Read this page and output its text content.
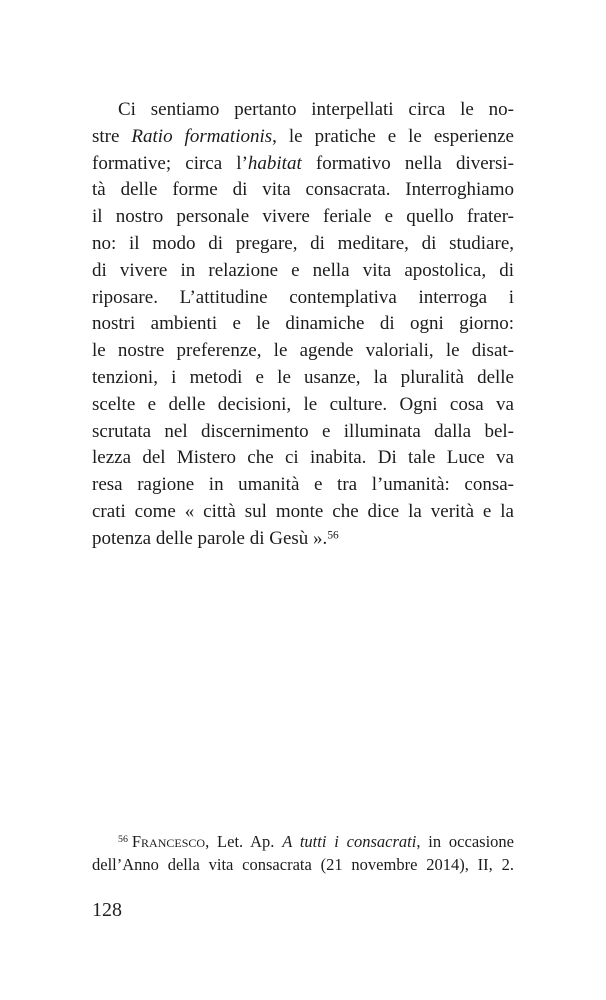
Ci sentiamo pertanto interpellati circa le no-
stre Ratio formationis, le pratiche e le esperienze
formative; circa l’habitat formativo nella diversi-
tà delle forme di vita consacrata. Interroghiamo
il nostro personale vivere feriale e quello frater-
no: il modo di pregare, di meditare, di studiare,
di vivere in relazione e nella vita apostolica, di
riposare. L’attitudine contemplativa interroga i
nostri ambienti e le dinamiche di ogni giorno:
le nostre preferenze, le agende valoriali, le disat-
tenzioni, i metodi e le usanze, la pluralità delle
scelte e delle decisioni, le culture. Ogni cosa va
scrutata nel discernimento e illuminata dalla bel-
lezza del Mistero che ci inabita. Di tale Luce va
resa ragione in umanità e tra l’umanità: consa-
crati come « città sul monte che dice la verità e la
potenza delle parole di Gesù ».$^{56}$
$^{56}$ Francesco, Let. Ap. A tutti i consacrati, in occasione
dell’Anno della vita consacrata (21 novembre 2014), II, 2.
128
